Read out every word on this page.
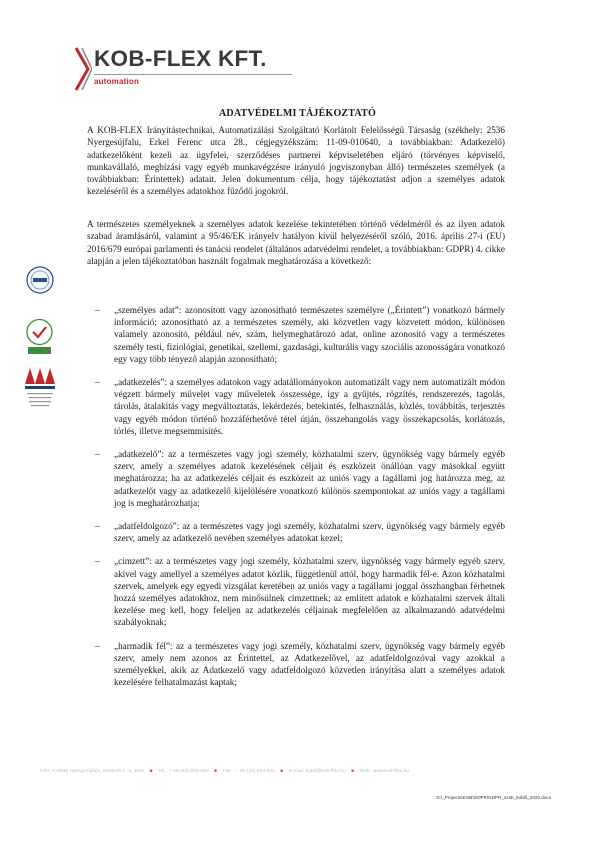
KOB-FLEX KFT.
automation
ADATVÉDELMI TÁJÉKOZTATÓ

A KOB-FLEX Irányítástechnikai, Automatizálási Szolgáltató Korlátolt Felelősségű Társaság (székhely: 2536 Nyergesújfalu, Erkel Ferenc utca 28., cégjegyzékszám: 11-09-010640, a továbbiakban: Adatkezelő) adatkezelőként kezeli az ügyfelei, szerződéses partnerei képviseletében eljáró (törvényes képviselő, munkavállaló, megbízási vagy egyéb munkavégzésre irányuló jogviszonyban álló) természetes személyek (a továbbiakban: Érintettek) adatait. Jelen dokumentum célja, hogy tájékoztatást adjon a személyes adatok kezeléséről és a személyes adatokhoz fűződő jogokról.

A természetes személyeknek a személyes adatok kezelése tekintetében történő védelméről és az ilyen adatok szabad áramlásáról, valamint a 95/46/EK irányelv hatályon kívül helyezéséről szóló, 2016. április 27-i (EU) 2016/679 európai parlamenti és tanácsi rendelet (általános adatvédelmi rendelet, a továbbiakban: GDPR) 4. cikke alapján a jelen tájékoztatóban használt fogalmak meghatározása a következő:

– „személyes adat”: azonosított vagy azonosítható természetes személyre („Érintett”) vonatkozó bármely információ; azonosítható az a természetes személy, aki közvetlen vagy közvetett módon, különösen valamely azonosító, például név, szám, helymeghatározó adat, online azonosító vagy a természetes személy testi, fiziológiai, genetikai, szellemi, gazdasági, kulturális vagy szociális azonosságára vonatkozó egy vagy több tényező alapján azonosítható;
– „adatkezelés”: a személyes adatokon vagy adatállományokon automatizált vagy nem automatizált módon végzett bármely művelet vagy műveletek összessége, így a gyűjtés, rögzítés, rendszerezés, tagolás, tárolás, átalakítás vagy megváltoztatás, lekérdezés, betekintés, felhasználás, közlés, továbbítás, terjesztés vagy egyéb módon történő hozzáférhetővé tétel útján, összehangolás vagy összekapcsolás, korlátozás, törlés, illetve megsemmisítés.
– „adatkezelő”: az a természetes vagy jogi személy, közhatalmi szerv, ügynökség vagy bármely egyéb szerv, amely a személyes adatok kezelésének céljait és eszközeit önállóan vagy másokkal együtt meghatározza; ha az adatkezelés céljait és eszközeit az uniós vagy a tagállami jog határozza meg, az adatkezelőt vagy az adatkezelő kijelölésére vonatkozó különös szempontokat az uniós vagy a tagállami jog is meghatározhatja;
– „adatfeldolgozó”: az a természetes vagy jogi személy, közhatalmi szerv, ügynökség vagy bármely egyéb szerv, amely az adatkezelő nevében személyes adatokat kezel;
– „címzett”: az a természetes vagy jogi személy, közhatalmi szerv, ügynökség vagy bármely egyéb szerv, akivel vagy amellyel a személyes adatot közlik, függetlenül attól, hogy harmadik fél-e. Azon közhatalmi szervek, amelyek egy egyedi vizsgálat keretében az uniós vagy a tagállami joggal összhangban férhetnek hozzá személyes adatokhoz, nem minősülnek címzettnek; az említett adatok e közhatalmi szervek általi kezelése meg kell, hogy feleljen az adatkezelés céljainak megfelelően az alkalmazandó adatvédelmi szabályoknak;
– „harmadik fél”: az a természetes vagy jogi személy, közhatalmi szerv, ügynökség vagy bármely egyéb szerv, amely nem azonos az Érintettel, az Adatkezelővel, az adatfeldolgozóval vagy azokkal a személyekkel, akik az Adatkezelő vagy adatfeldolgozó közvetlen irányítása alatt a személyes adatok kezelésére felhatalmazást kaptak;
Cím: H-2536 Nyergesújfalu, Kossuth L. u. 22/A ■ Tel.: + 36 (33) 504-410 ■ Fax.: + 36 (33) 504-411 ■ E-mail: kobs@kob-flex.hu ■ Web: www.kob-flex.hu
D:\_Projects\KOB\GDPR\GDPR_szab_küldő_2020.docx
